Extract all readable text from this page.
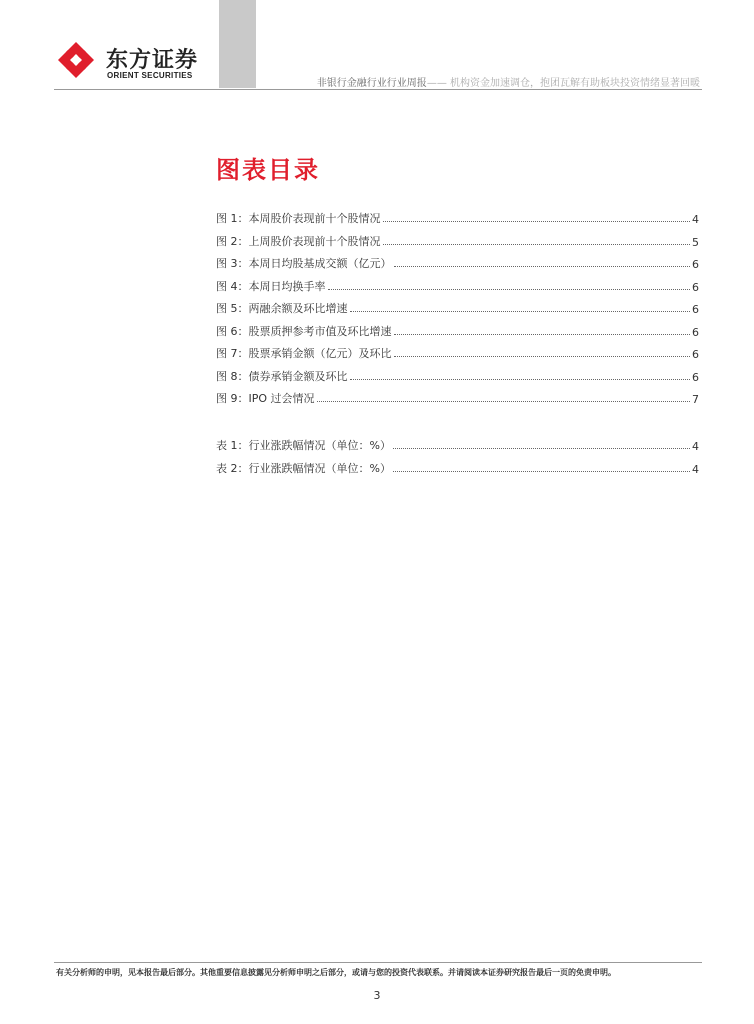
东方证券
ORIENT SECURITIES
非银行金融行业行业周报—— 机构资金加速调仓，抱团瓦解有助板块投资情绪显著回暖
图表目录
图 1：本周股价表现前十个股情况	4
图 2：上周股价表现前十个股情况	5
图 3：本周日均股基成交额（亿元）	6
图 4：本周日均换手率	6
图 5：两融余额及环比增速	6
图 6：股票质押参考市值及环比增速	6
图 7：股票承销金额（亿元）及环比	6
图 8：债券承销金额及环比	6
图 9：IPO 过会情况	7
表 1：行业涨跌幅情况（单位：%）	4
表 2：行业涨跌幅情况（单位：%）	4
有关分析师的申明，见本报告最后部分。其他重要信息披露见分析师申明之后部分，或请与您的投资代表联系。并请阅读本证券研究报告最后一页的免责申明。
3
